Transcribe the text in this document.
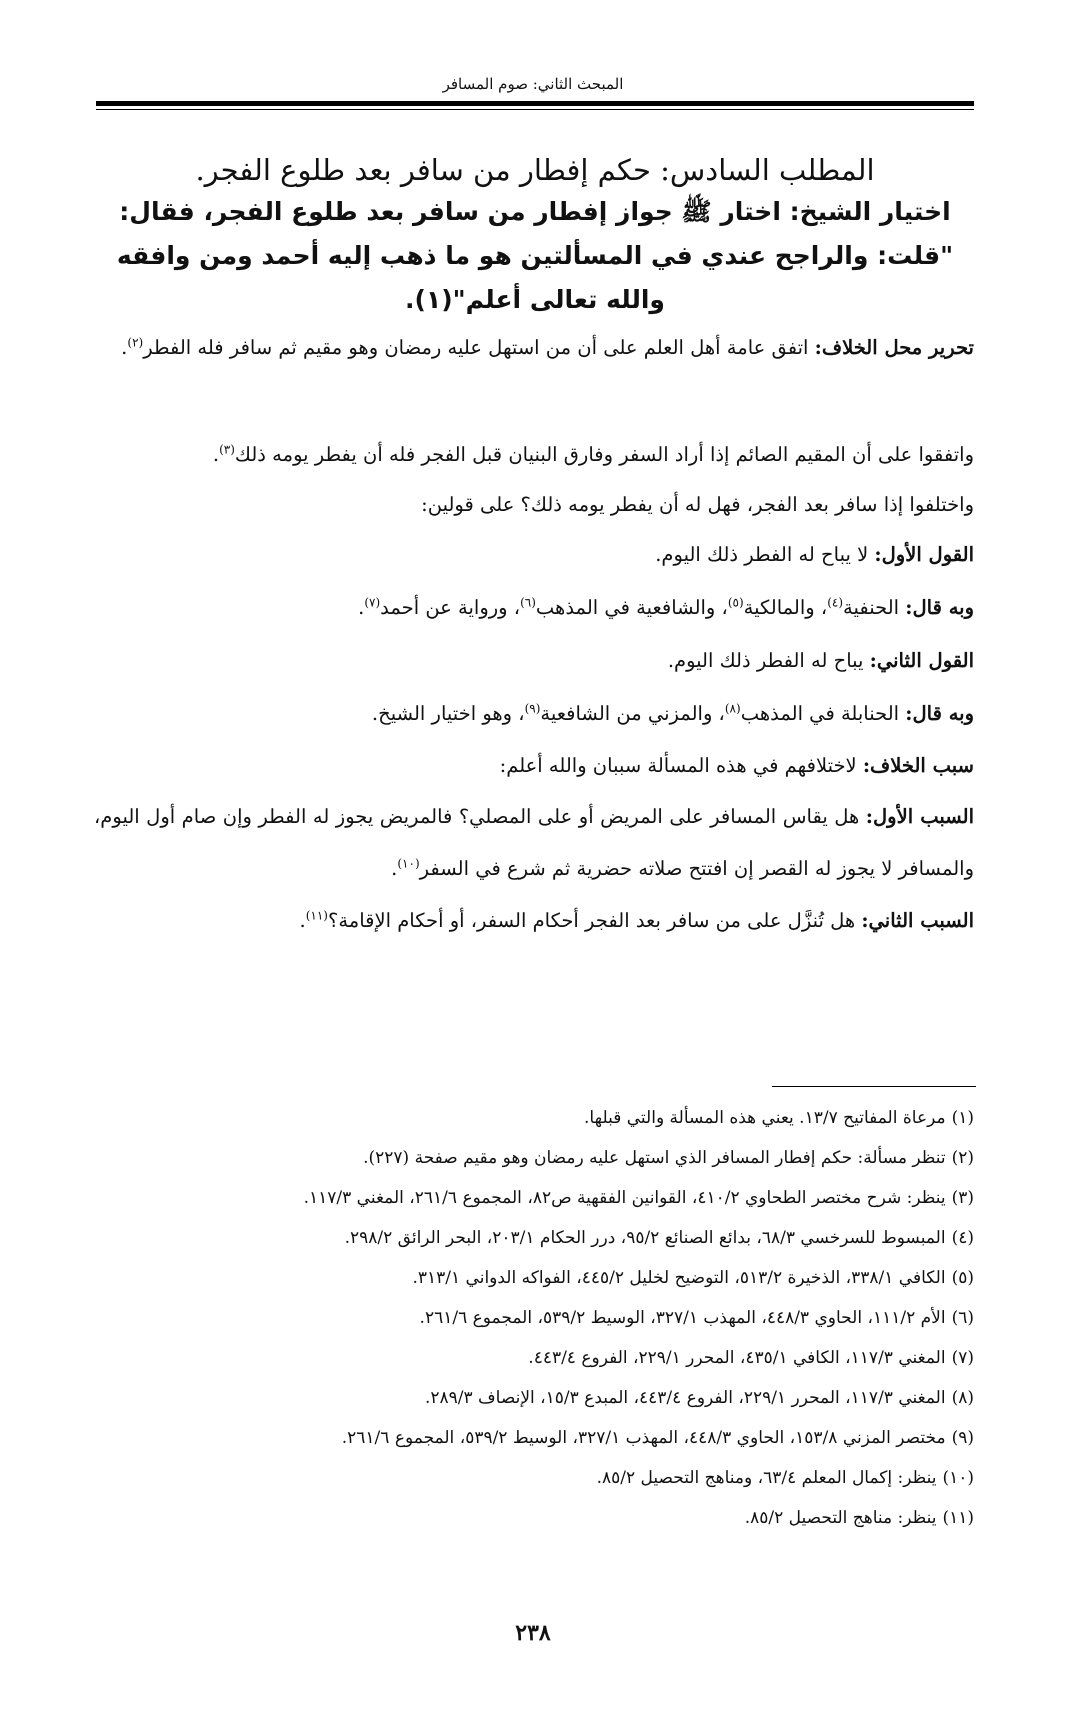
المبحث الثاني: صوم المسافر
المطلب السادس: حكم إفطار من سافر بعد طلوع الفجر.
اختيار الشيخ: اختار ﷺ جواز إفطار من سافر بعد طلوع الفجر، فقال:
"قلت: والراجح عندي في المسألتين هو ما ذهب إليه أحمد ومن وافقه
والله تعالى أعلم"(١).
تحرير محل الخلاف: اتفق عامة أهل العلم على أن من استهل عليه رمضان وهو مقيم ثم سافر فله الفطر$^{(٢)}$.
واتفقوا على أن المقيم الصائم إذا أراد السفر وفارق البنيان قبل الفجر فله أن يفطر يومه ذلك$^{(٣)}$.
واختلفوا إذا سافر بعد الفجر، فهل له أن يفطر يومه ذلك؟ على قولين:
القول الأول: لا يباح له الفطر ذلك اليوم.
وبه قال: الحنفية$^{(٤)}$، والمالكية$^{(٥)}$، والشافعية في المذهب$^{(٦)}$، ورواية عن أحمد$^{(٧)}$.
القول الثاني: يباح له الفطر ذلك اليوم.
وبه قال: الحنابلة في المذهب$^{(٨)}$، والمزني من الشافعية$^{(٩)}$، وهو اختيار الشيخ.
سبب الخلاف: لاختلافهم في هذه المسألة سببان والله أعلم:
السبب الأول: هل يقاس المسافر على المريض أو على المصلي؟ فالمريض يجوز له الفطر وإن صام أول اليوم، والمسافر لا يجوز له القصر إن افتتح صلاته حضرية ثم شرع في السفر$^{(١٠)}$.
السبب الثاني: هل تُنزَّل على من سافر بعد الفجر أحكام السفر، أو أحكام الإقامة؟$^{(١١)}$.
(١)مرعاة المفاتيح ١٣/٧. يعني هذه المسألة والتي قبلها.
(٢)تنظر مسألة: حكم إفطار المسافر الذي استهل عليه رمضان وهو مقيم صفحة (٢٢٧).
(٣)ينظر: شرح مختصر الطحاوي ٤١٠/٢، القوانين الفقهية ص٨٢، المجموع ٢٦١/٦، المغني ١١٧/٣.
(٤)المبسوط للسرخسي ٦٨/٣، بدائع الصنائع ٩٥/٢، درر الحكام ٢٠٣/١، البحر الرائق ٢٩٨/٢.
(٥)الكافي ٣٣٨/١، الذخيرة ٥١٣/٢، التوضيح لخليل ٤٤٥/٢، الفواكه الدواني ٣١٣/١.
(٦)الأم ١١١/٢، الحاوي ٤٤٨/٣، المهذب ٣٢٧/١، الوسيط ٥٣٩/٢، المجموع ٢٦١/٦.
(٧)المغني ١١٧/٣، الكافي ٤٣٥/١، المحرر ٢٢٩/١، الفروع ٤٤٣/٤.
(٨)المغني ١١٧/٣، المحرر ٢٢٩/١، الفروع ٤٤٣/٤، المبدع ١٥/٣، الإنصاف ٢٨٩/٣.
(٩)مختصر المزني ١٥٣/٨، الحاوي ٤٤٨/٣، المهذب ٣٢٧/١، الوسيط ٥٣٩/٢، المجموع ٢٦١/٦.
(١٠)ينظر: إكمال المعلم ٦٣/٤، ومناهج التحصيل ٨٥/٢.
(١١)ينظر: مناهج التحصيل ٨٥/٢.
٢٣٨
